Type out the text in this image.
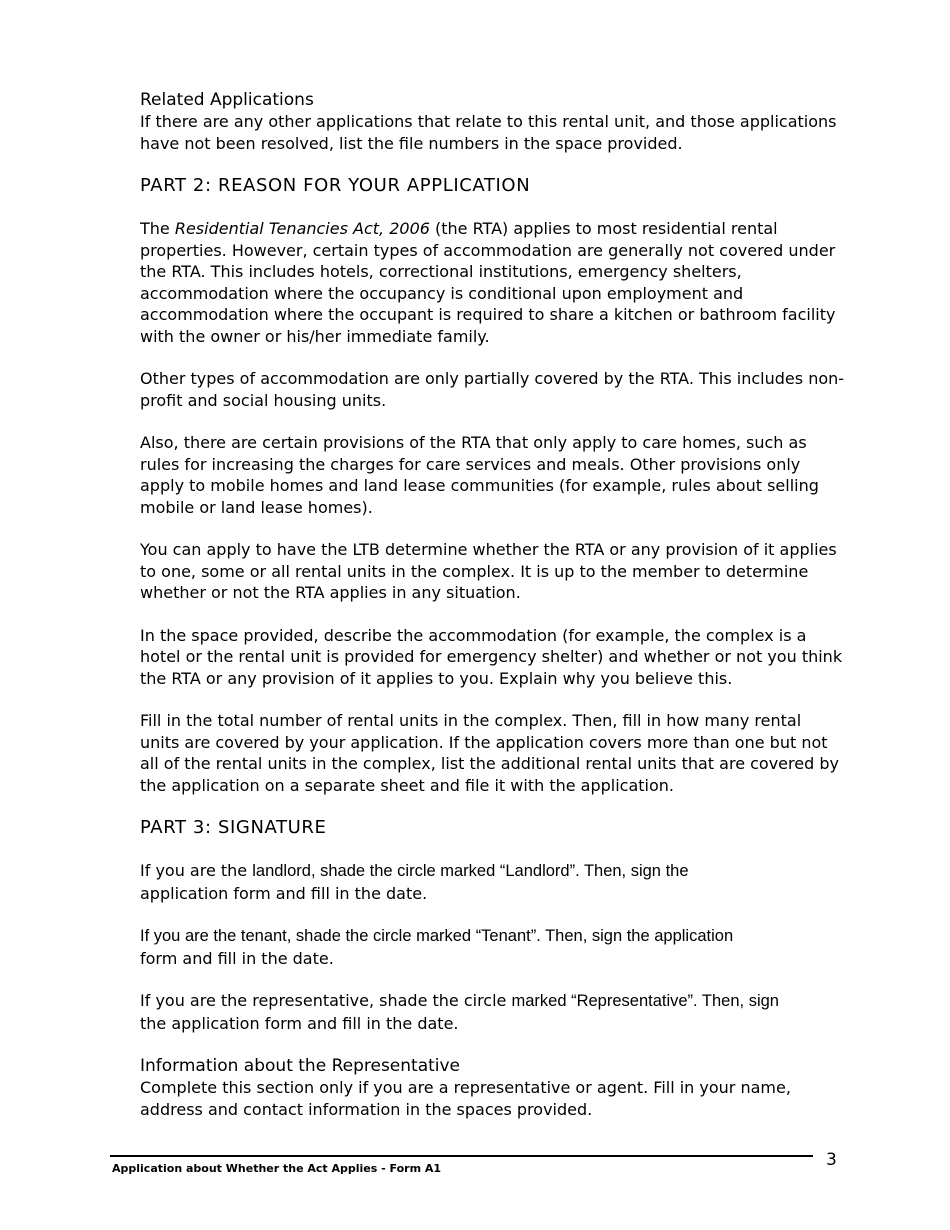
Related Applications

If there are any other applications that relate to this rental unit, and those applications have not been resolved, list the file numbers in the space provided.

PART 2: REASON FOR YOUR APPLICATION

The Residential Tenancies Act, 2006 (the RTA) applies to most residential rental properties. However, certain types of accommodation are generally not covered under the RTA. This includes hotels, correctional institutions, emergency shelters, accommodation where the occupancy is conditional upon employment and accommodation where the occupant is required to share a kitchen or bathroom facility with the owner or his/her immediate family.

Other types of accommodation are only partially covered by the RTA. This includes non-profit and social housing units.

Also, there are certain provisions of the RTA that only apply to care homes, such as rules for increasing the charges for care services and meals. Other provisions only apply to mobile homes and land lease communities (for example, rules about selling mobile or land lease homes).

You can apply to have the LTB determine whether the RTA or any provision of it applies to one, some or all rental units in the complex. It is up to the member to determine whether or not the RTA applies in any situation.

In the space provided, describe the accommodation (for example, the complex is a hotel or the rental unit is provided for emergency shelter) and whether or not you think the RTA or any provision of it applies to you. Explain why you believe this.

Fill in the total number of rental units in the complex. Then, fill in how many rental units are covered by your application. If the application covers more than one but not all of the rental units in the complex, list the additional rental units that are covered by the application on a separate sheet and file it with the application.

PART 3: SIGNATURE

If you are the landlord, shade the circle marked “Landlord”. Then, sign the
application form and fill in the date.

If you are the tenant, shade the circle marked “Tenant”. Then, sign the application
form and fill in the date.

If you are the representative, shade the circle marked “Representative”. Then, sign
the application form and fill in the date.

Information about the Representative

Complete this section only if you are a representative or agent. Fill in your name, address and contact information in the spaces provided.

Application about Whether the Act Applies - Form A1	3
